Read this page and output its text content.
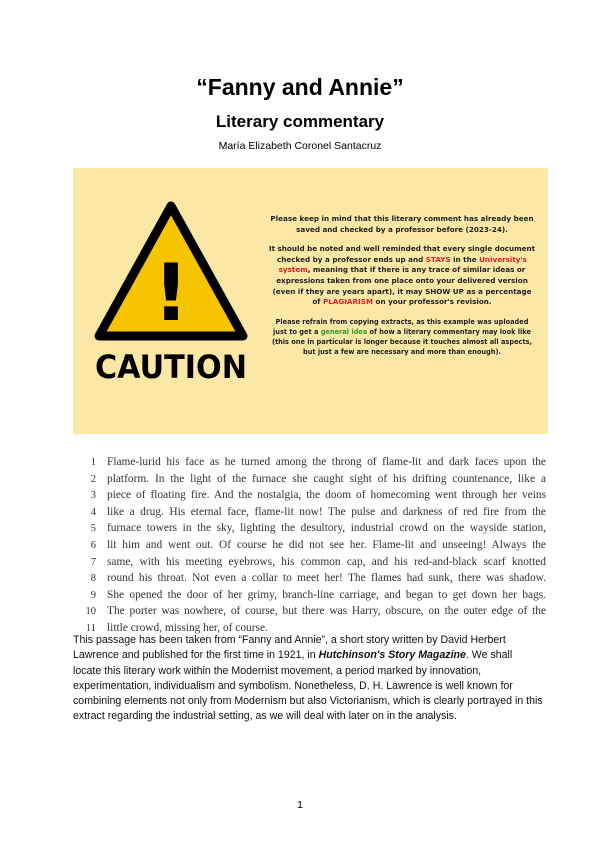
“Fanny and Annie”
Literary commentary
María Elizabeth Coronel Santacruz
!
CAUTION

Please keep in mind that this literary comment has already been saved and checked by a professor before (2023-24).

It should be noted and well reminded that every single document checked by a professor ends up and STAYS in the University's system, meaning that if there is any trace of similar ideas or expressions taken from one place onto your delivered version (even if they are years apart), it may SHOW UP as a percentage of PLAGIARISM on your professor's revision.

Please refrain from copying extracts, as this example was uploaded just to get a general idea of how a literary commentary may look like (this one in particular is longer because it touches almost all aspects, but just a few are necessary and more than enough).

1 Flame-lurid his face as he turned among the throng of flame-lit and dark faces upon the
2 platform. In the light of the furnace she caught sight of his drifting countenance, like a
3 piece of floating fire. And the nostalgia, the doom of homecoming went through her veins
4 like a drug. His eternal face, flame-lit now! The pulse and darkness of red fire from the
5 furnace towers in the sky, lighting the desultory, industrial crowd on the wayside station,
6 lit him and went out. Of course he did not see her. Flame-lit and unseeing! Always the
7 same, with his meeting eyebrows, his common cap, and his red-and-black scarf knotted
8 round his throat. Not even a collar to meet her! The flames had sunk, there was shadow.
9 She opened the door of her grimy, branch-line carriage, and began to get down her bags.
10 The porter was nowhere, of course, but there was Harry, obscure, on the outer edge of the
11 little crowd, missing her, of course.
This passage has been taken from “Fanny and Annie”, a short story written by David Herbert Lawrence and published for the first time in 1921, in Hutchinson's Story Magazine. We shall locate this literary work within the Modernist movement, a period marked by innovation, experimentation, individualism and symbolism. Nonetheless, D. H. Lawrence is well known for combining elements not only from Modernism but also Victorianism, which is clearly portrayed in this extract regarding the industrial setting, as we will deal with later on in the analysis.
1
